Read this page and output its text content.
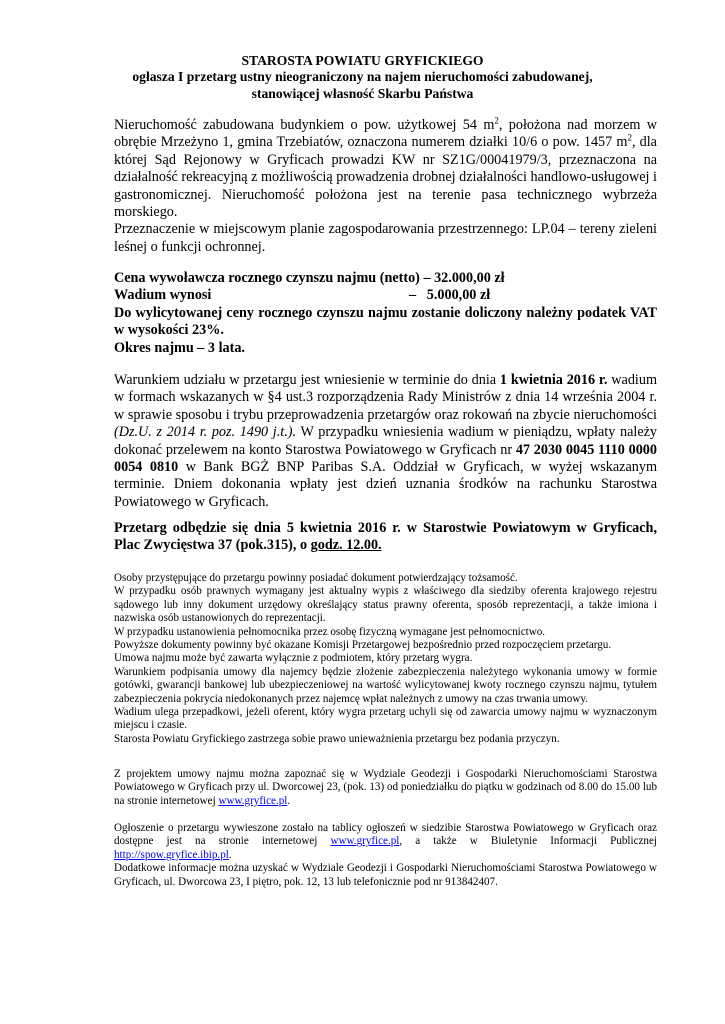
STAROSTA POWIATU GRYFICKIEGO

ogłasza I przetarg ustny nieograniczony na najem nieruchomości zabudowanej,

stanowiącej własność Skarbu Państwa

Nieruchomość zabudowana budynkiem o pow. użytkowej 54 $m^2$, położona nad morzem w obrębie Mrzeżyno 1, gmina Trzebiatów, oznaczona numerem działki 10/6 o pow. 1457 $m^2$, dla której Sąd Rejonowy w Gryficach prowadzi KW nr SZ1G/00041979/3, przeznaczona na działalność rekreacyjną z możliwością prowadzenia drobnej działalności handlowo-usługowej i gastronomicznej. Nieruchomość położona jest na terenie pasa technicznego wybrzeża morskiego.
Przeznaczenie w miejscowym planie zagospodarowania przestrzennego: LP.04 – tereny zieleni leśnej o funkcji ochronnej.
Cena wywoławcza rocznego czynszu najmu (netto) – 32.000,00 zł
Wadium wynosi	–   5.000,00 zł
Do wylicytowanej ceny rocznego czynszu najmu zostanie doliczony należny podatek VAT w wysokości 23%.
Okres najmu – 3 lata.
Warunkiem udziału w przetargu jest wniesienie w terminie do dnia 1 kwietnia 2016 r. wadium w formach wskazanych w §4 ust.3 rozporządzenia Rady Ministrów z dnia 14 września 2004 r. w sprawie sposobu i trybu przeprowadzenia przetargów oraz rokowań na zbycie nieruchomości (Dz.U. z 2014 r. poz. 1490 j.t.). W przypadku wniesienia wadium w pieniądzu, wpłaty należy dokonać przelewem na konto Starostwa Powiatowego w Gryficach nr 47 2030 0045 1110 0000 0054 0810 w Bank BGŻ BNP Paribas S.A. Oddział w Gryficach, w wyżej wskazanym terminie. Dniem dokonania wpłaty jest dzień uznania środków na rachunku Starostwa Powiatowego w Gryficach.
Przetarg odbędzie się dnia 5 kwietnia 2016 r. w Starostwie Powiatowym w Gryficach, Plac Zwycięstwa 37 (pok.315), o godz. 12.00.
Osoby przystępujące do przetargu powinny posiadać dokument potwierdzający tożsamość.
W przypadku osób prawnych wymagany jest aktualny wypis z właściwego dla siedziby oferenta krajowego rejestru sądowego lub inny dokument urzędowy określający status prawny oferenta, sposób reprezentacji, a także imiona i nazwiska osób ustanowionych do reprezentacji.
W przypadku ustanowienia pełnomocnika przez osobę fizyczną wymagane jest pełnomocnictwo.
Powyższe dokumenty powinny być okazane Komisji Przetargowej bezpośrednio przed rozpoczęciem przetargu.
Umowa najmu może być zawarta wyłącznie z podmiotem, który przetarg wygra.
Warunkiem podpisania umowy dla najemcy będzie złożenie zabezpieczenia należytego wykonania umowy w formie gotówki, gwarancji bankowej lub ubezpieczeniowej na wartość wylicytowanej kwoty rocznego czynszu najmu, tytułem zabezpieczenia pokrycia niedokonanych przez najemcę wpłat należnych z umowy na czas trwania umowy.
Wadium ulega przepadkowi, jeżeli oferent, który wygra przetarg uchyli się od zawarcia umowy najmu w wyznaczonym miejscu i czasie.
Starosta Powiatu Gryfickiego zastrzega sobie prawo unieważnienia przetargu bez podania przyczyn.
Z projektem umowy najmu można zapoznać się w Wydziale Geodezji i Gospodarki Nieruchomościami Starostwa Powiatowego w Gryficach przy ul. Dworcowej 23, (pok. 13) od poniedziałku do piątku w godzinach od 8.00 do 15.00 lub na stronie internetowej www.gryfice.pl.
Ogłoszenie o przetargu wywieszone zostało na tablicy ogłoszeń w siedzibie Starostwa Powiatowego w Gryficach oraz dostępne jest na stronie internetowej www.gryfice.pl, a także w Biuletynie Informacji Publicznej http://spow.gryfice.ibip.pl.
Dodatkowe informacje można uzyskać w Wydziale Geodezji i Gospodarki Nieruchomościami Starostwa Powiatowego w Gryficach, ul. Dworcowa 23, I piętro, pok. 12, 13 lub telefonicznie pod nr 913842407.
